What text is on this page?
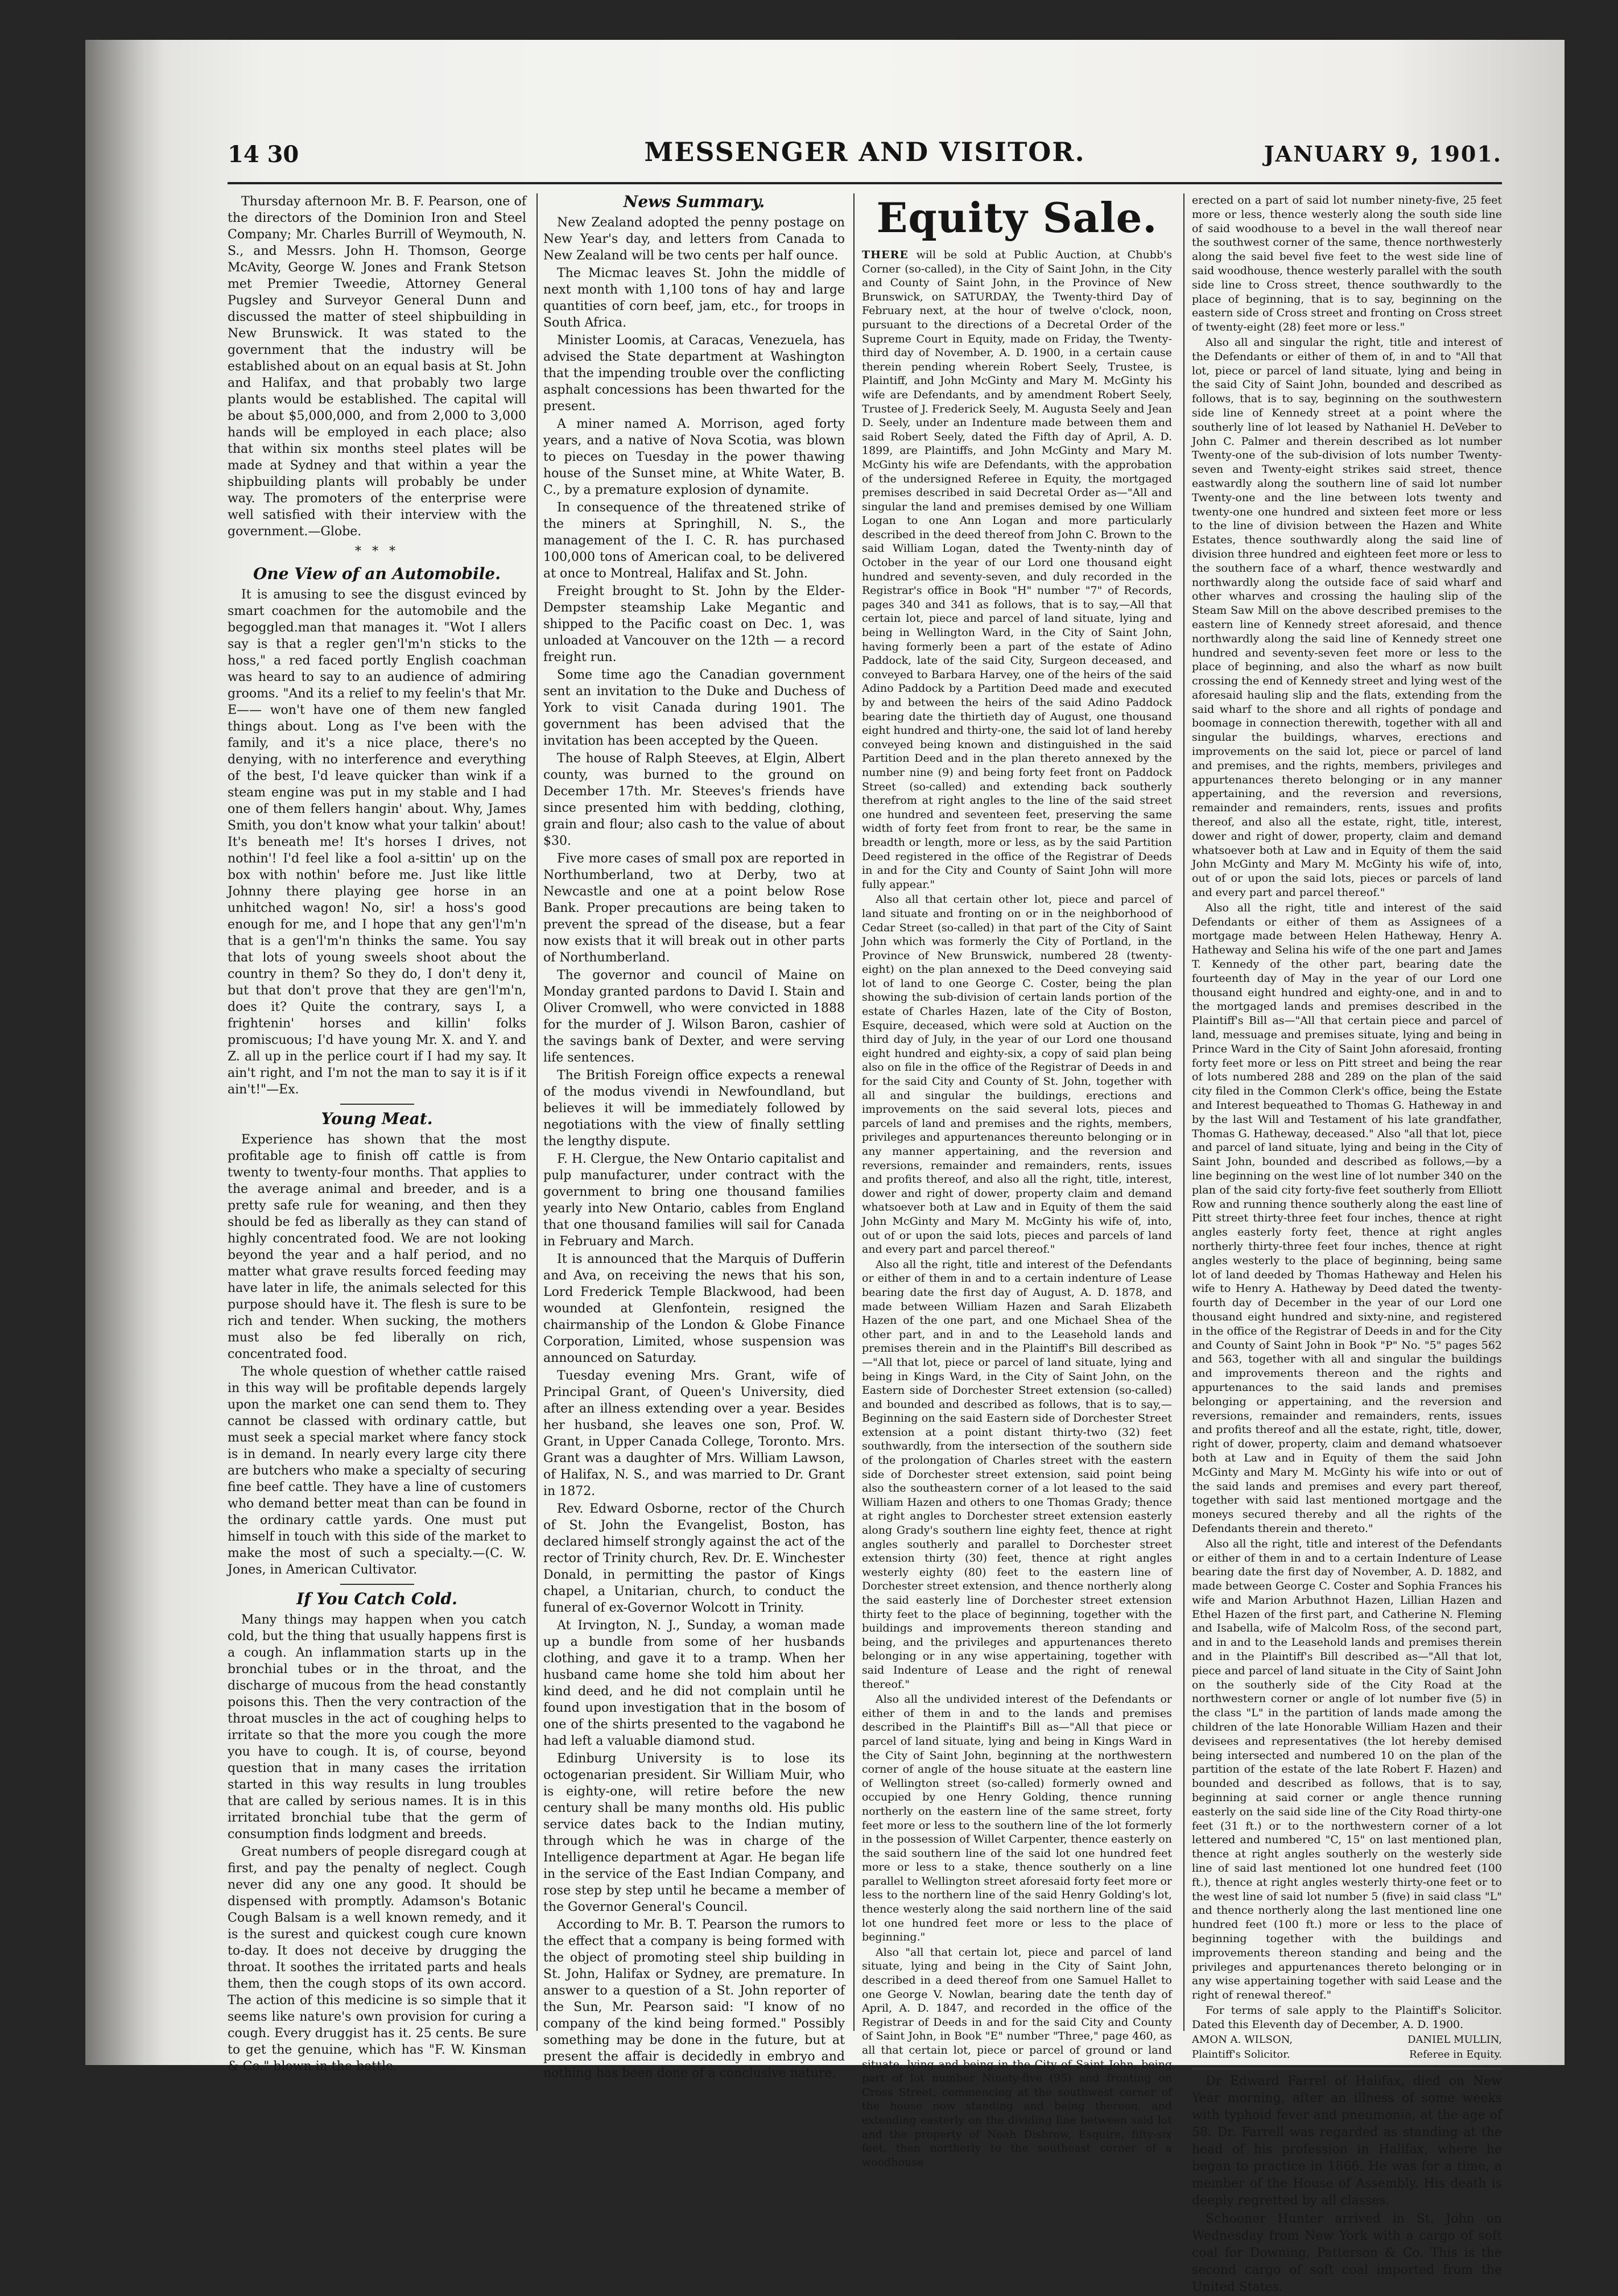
14 30	MESSENGER AND VISITOR.	JANUARY 9, 1901.

Thursday afternoon Mr. B. F. Pearson, one of the directors of the Dominion Iron and Steel Company; Mr. Charles Burrill of Weymouth, N. S., and Messrs. John H. Thomson, George McAvity, George W. Jones and Frank Stetson met Premier Tweedie, Attorney General Pugsley and Surveyor General Dunn and discussed the matter of steel shipbuilding in New Brunswick. It was stated to the government that the industry will be established about on an equal basis at St. John and Halifax, and that probably two large plants would be established. The capital will be about $5,000,000, and from 2,000 to 3,000 hands will be employed in each place; also that within six months steel plates will be made at Sydney and that within a year the shipbuilding plants will probably be under way. The promoters of the enterprise were well satisfied with their interview with the government.—Globe.

* * *
One View of an Automobile.

It is amusing to see the disgust evinced by smart coachmen for the automobile and the begoggled.man that manages it. "Wot I allers say is that a regler gen'l'm'n sticks to the hoss," a red faced portly English coachman was heard to say to an audience of admiring grooms. "And its a relief to my feelin's that Mr. E—— won't have one of them new fangled things about. Long as I've been with the family, and it's a nice place, there's no denying, with no interference and everything of the best, I'd leave quicker than wink if a steam engine was put in my stable and I had one of them fellers hangin' about. Why, James Smith, you don't know what your talkin' about! It's beneath me! It's horses I drives, not nothin'! I'd feel like a fool a-sittin' up on the box with nothin' before me. Just like little Johnny there playing gee horse in an unhitched wagon! No, sir! a hoss's good enough for me, and I hope that any gen'l'm'n that is a gen'l'm'n thinks the same. You say that lots of young sweels shoot about the country in them? So they do, I don't deny it, but that don't prove that they are gen'l'm'n, does it? Quite the contrary, says I, a frightenin' horses and killin' folks promiscuous; I'd have young Mr. X. and Y. and Z. all up in the perlice court if I had my say. It ain't right, and I'm not the man to say it is if it ain't!"—Ex.

Young Meat.

Experience has shown that the most profitable age to finish off cattle is from twenty to twenty-four months. That applies to the average animal and breeder, and is a pretty safe rule for weaning, and then they should be fed as liberally as they can stand of highly concentrated food. We are not looking beyond the year and a half period, and no matter what grave results forced feeding may have later in life, the animals selected for this purpose should have it. The flesh is sure to be rich and tender. When sucking, the mothers must also be fed liberally on rich, concentrated food.

The whole question of whether cattle raised in this way will be profitable depends largely upon the market one can send them to. They cannot be classed with ordinary cattle, but must seek a special market where fancy stock is in demand. In nearly every large city there are butchers who make a specialty of securing fine beef cattle. They have a line of customers who demand better meat than can be found in the ordinary cattle yards. One must put himself in touch with this side of the market to make the most of such a specialty.—(C. W. Jones, in American Cultivator.

If You Catch Cold.

Many things may happen when you catch cold, but the thing that usually happens first is a cough. An inflammation starts up in the bronchial tubes or in the throat, and the discharge of mucous from the head constantly poisons this. Then the very contraction of the throat muscles in the act of coughing helps to irritate so that the more you cough the more you have to cough. It is, of course, beyond question that in many cases the irritation started in this way results in lung troubles that are called by serious names. It is in this irritated bronchial tube that the germ of consumption finds lodgment and breeds.

Great numbers of people disregard cough at first, and pay the penalty of neglect. Cough never did any one any good. It should be dispensed with promptly. Adamson's Botanic Cough Balsam is a well known remedy, and it is the surest and quickest cough cure known to-day. It does not deceive by drugging the throat. It soothes the irritated parts and heals them, then the cough stops of its own accord. The action of this medicine is so simple that it seems like nature's own provision for curing a cough. Every druggist has it. 25 cents. Be sure to get the genuine, which has "F. W. Kinsman & Co." blown in the bottle.

News Summary.

New Zealand adopted the penny postage on New Year's day, and letters from Canada to New Zealand will be two cents per half ounce.

The Micmac leaves St. John the middle of next month with 1,100 tons of hay and large quantities of corn beef, jam, etc., for troops in South Africa.

Minister Loomis, at Caracas, Venezuela, has advised the State department at Washington that the impending trouble over the conflicting asphalt concessions has been thwarted for the present.

A miner named A. Morrison, aged forty years, and a native of Nova Scotia, was blown to pieces on Tuesday in the power thawing house of the Sunset mine, at White Water, B. C., by a premature explosion of dynamite.

In consequence of the threatened strike of the miners at Springhill, N. S., the management of the I. C. R. has purchased 100,000 tons of American coal, to be delivered at once to Montreal, Halifax and St. John.

Freight brought to St. John by the Elder-Dempster steamship Lake Megantic and shipped to the Pacific coast on Dec. 1, was unloaded at Vancouver on the 12th — a record freight run.

Some time ago the Canadian government sent an invitation to the Duke and Duchess of York to visit Canada during 1901. The government has been advised that the invitation has been accepted by the Queen.

The house of Ralph Steeves, at Elgin, Albert county, was burned to the ground on December 17th. Mr. Steeves's friends have since presented him with bedding, clothing, grain and flour; also cash to the value of about $30.

Five more cases of small pox are reported in Northumberland, two at Derby, two at Newcastle and one at a point below Rose Bank. Proper precautions are being taken to prevent the spread of the disease, but a fear now exists that it will break out in other parts of Northumberland.

The governor and council of Maine on Monday granted pardons to David I. Stain and Oliver Cromwell, who were convicted in 1888 for the murder of J. Wilson Baron, cashier of the savings bank of Dexter, and were serving life sentences.

The British Foreign office expects a renewal of the modus vivendi in Newfoundland, but believes it will be immediately followed by negotiations with the view of finally settling the lengthy dispute.

F. H. Clergue, the New Ontario capitalist and pulp manufacturer, under contract with the government to bring one thousand families yearly into New Ontario, cables from England that one thousand families will sail for Canada in February and March.

It is announced that the Marquis of Dufferin and Ava, on receiving the news that his son, Lord Frederick Temple Blackwood, had been wounded at Glenfontein, resigned the chairmanship of the London & Globe Finance Corporation, Limited, whose suspension was announced on Saturday.

Tuesday evening Mrs. Grant, wife of Principal Grant, of Queen's University, died after an illness extending over a year. Besides her husband, she leaves one son, Prof. W. Grant, in Upper Canada College, Toronto. Mrs. Grant was a daughter of Mrs. William Lawson, of Halifax, N. S., and was married to Dr. Grant in 1872.

Rev. Edward Osborne, rector of the Church of St. John the Evangelist, Boston, has declared himself strongly against the act of the rector of Trinity church, Rev. Dr. E. Winchester Donald, in permitting the pastor of Kings chapel, a Unitarian, church, to conduct the funeral of ex-Governor Wolcott in Trinity.

At Irvington, N. J., Sunday, a woman made up a bundle from some of her husbands clothing, and gave it to a tramp. When her husband came home she told him about her kind deed, and he did not complain until he found upon investigation that in the bosom of one of the shirts presented to the vagabond he had left a valuable diamond stud.

Edinburg University is to lose its octogenarian president. Sir William Muir, who is eighty-one, will retire before the new century shall be many months old. His public service dates back to the Indian mutiny, through which he was in charge of the Intelligence department at Agar. He began life in the service of the East Indian Company, and rose step by step until he became a member of the Governor General's Council.

According to Mr. B. T. Pearson the rumors to the effect that a company is being formed with the object of promoting steel ship building in St. John, Halifax or Sydney, are premature. In answer to a question of a St. John reporter of the Sun, Mr. Pearson said: "I know of no company of the kind being formed." Possibly something may be done in the future, but at present the affair is decidedly in embryo and nothing has been done of a conclusive nature.

Equity Sale.

THERE will be sold at Public Auction, at Chubb's Corner (so-called), in the City of Saint John, in the City and County of Saint John, in the Province of New Brunswick, on SATURDAY, the Twenty-third Day of February next, at the hour of twelve o'clock, noon, pursuant to the directions of a Decretal Order of the Supreme Court in Equity, made on Friday, the Twenty-third day of November, A. D. 1900, in a certain cause therein pending wherein Robert Seely, Trustee, is Plaintiff, and John McGinty and Mary M. McGinty his wife are Defendants, and by amendment Robert Seely, Trustee of J. Frederick Seely, M. Augusta Seely and Jean D. Seely, under an Indenture made between them and said Robert Seely, dated the Fifth day of April, A. D. 1899, are Plaintiffs, and John McGinty and Mary M. McGinty his wife are Defendants, with the approbation of the undersigned Referee in Equity, the mortgaged premises described in said Decretal Order as—"All and singular the land and premises demised by one William Logan to one Ann Logan and more particularly described in the deed thereof from John C. Brown to the said William Logan, dated the Twenty-ninth day of October in the year of our Lord one thousand eight hundred and seventy-seven, and duly recorded in the Registrar's office in Book "H" number "7" of Records, pages 340 and 341 as follows, that is to say,—All that certain lot, piece and parcel of land situate, lying and being in Wellington Ward, in the City of Saint John, having formerly been a part of the estate of Adino Paddock, late of the said City, Surgeon deceased, and conveyed to Barbara Harvey, one of the heirs of the said Adino Paddock by a Partition Deed made and executed by and between the heirs of the said Adino Paddock bearing date the thirtieth day of August, one thousand eight hundred and thirty-one, the said lot of land hereby conveyed being known and distinguished in the said Partition Deed and in the plan thereto annexed by the number nine (9) and being forty feet front on Paddock Street (so-called) and extending back southerly therefrom at right angles to the line of the said street one hundred and seventeen feet, preserving the same width of forty feet from front to rear, be the same in breadth or length, more or less, as by the said Partition Deed registered in the office of the Registrar of Deeds in and for the City and County of Saint John will more fully appear."

Also all that certain other lot, piece and parcel of land situate and fronting on or in the neighborhood of Cedar Street (so-called) in that part of the City of Saint John which was formerly the City of Portland, in the Province of New Brunswick, numbered 28 (twenty-eight) on the plan annexed to the Deed conveying said lot of land to one George C. Coster, being the plan showing the sub-division of certain lands portion of the estate of Charles Hazen, late of the City of Boston, Esquire, deceased, which were sold at Auction on the third day of July, in the year of our Lord one thousand eight hundred and eighty-six, a copy of said plan being also on file in the office of the Registrar of Deeds in and for the said City and County of St. John, together with all and singular the buildings, erections and improvements on the said several lots, pieces and parcels of land and premises and the rights, members, privileges and appurtenances thereunto belonging or in any manner appertaining, and the reversion and reversions, remainder and remainders, rents, issues and profits thereof, and also all the right, title, interest, dower and right of dower, property claim and demand whatsoever both at Law and in Equity of them the said John McGinty and Mary M. McGinty his wife of, into, out of or upon the said lots, pieces and parcels of land and every part and parcel thereof."

Also all the right, title and interest of the Defendants or either of them in and to a certain indenture of Lease bearing date the first day of August, A. D. 1878, and made between William Hazen and Sarah Elizabeth Hazen of the one part, and one Michael Shea of the other part, and in and to the Leasehold lands and premises therein and in the Plaintiff's Bill described as—"All that lot, piece or parcel of land situate, lying and being in Kings Ward, in the City of Saint John, on the Eastern side of Dorchester Street extension (so-called) and bounded and described as follows, that is to say,—Beginning on the said Eastern side of Dorchester Street extension at a point distant thirty-two (32) feet southwardly, from the intersection of the southern side of the prolongation of Charles street with the eastern side of Dorchester street extension, said point being also the southeastern corner of a lot leased to the said William Hazen and others to one Thomas Grady; thence at right angles to Dorchester street extension easterly along Grady's southern line eighty feet, thence at right angles southerly and parallel to Dorchester street extension thirty (30) feet, thence at right angles westerly eighty (80) feet to the eastern line of Dorchester street extension, and thence northerly along the said easterly line of Dorchester street extension thirty feet to the place of beginning, together with the buildings and improvements thereon standing and being, and the privileges and appurtenances thereto belonging or in any wise appertaining, together with said Indenture of Lease and the right of renewal thereof."

Also all the undivided interest of the Defendants or either of them in and to the lands and premises described in the Plaintiff's Bill as—"All that piece or parcel of land situate, lying and being in Kings Ward in the City of Saint John, beginning at the northwestern corner of angle of the house situate at the eastern line of Wellington street (so-called) formerly owned and occupied by one Henry Golding, thence running northerly on the eastern line of the same street, forty feet more or less to the southern line of the lot formerly in the possession of Willet Carpenter, thence easterly on the said southern line of the said lot one hundred feet more or less to a stake, thence southerly on a line parallel to Wellington street aforesaid forty feet more or less to the northern line of the said Henry Golding's lot, thence westerly along the said northern line of the said lot one hundred feet more or less to the place of beginning."

Also "all that certain lot, piece and parcel of land situate, lying and being in the City of Saint John, described in a deed thereof from one Samuel Hallet to one George V. Nowlan, bearing date the tenth day of April, A. D. 1847, and recorded in the office of the Registrar of Deeds in and for the said City and County of Saint John, in Book "E" number "Three," page 460, as all that certain lot, piece or parcel of ground or land situate, lying and being in the City of Saint John, being part of lot number Ninety-five (95) and fronting on Cross Street, commencing at the southwest corner of the house now standing and being thereon, and extending easterly on the dividing line between said lot and the property of Noah Disbrow, Esquire, fifty-six feet, then northerly to the southeast corner of a woodhouse

erected on a part of said lot number ninety-five, 25 feet more or less, thence westerly along the south side line of said woodhouse to a bevel in the wall thereof near the southwest corner of the same, thence northwesterly along the said bevel five feet to the west side line of said woodhouse, thence westerly parallel with the south side line to Cross street, thence southwardly to the place of beginning, that is to say, beginning on the eastern side of Cross street and fronting on Cross street of twenty-eight (28) feet more or less."

Also all and singular the right, title and interest of the Defendants or either of them of, in and to "All that lot, piece or parcel of land situate, lying and being in the said City of Saint John, bounded and described as follows, that is to say, beginning on the southwestern side line of Kennedy street at a point where the southerly line of lot leased by Nathaniel H. DeVeber to John C. Palmer and therein described as lot number Twenty-one of the sub-division of lots number Twenty-seven and Twenty-eight strikes said street, thence eastwardly along the southern line of said lot number Twenty-one and the line between lots twenty and twenty-one one hundred and sixteen feet more or less to the line of division between the Hazen and White Estates, thence southwardly along the said line of division three hundred and eighteen feet more or less to the southern face of a wharf, thence westwardly and northwardly along the outside face of said wharf and other wharves and crossing the hauling slip of the Steam Saw Mill on the above described premises to the eastern line of Kennedy street aforesaid, and thence northwardly along the said line of Kennedy street one hundred and seventy-seven feet more or less to the place of beginning, and also the wharf as now built crossing the end of Kennedy street and lying west of the aforesaid hauling slip and the flats, extending from the said wharf to the shore and all rights of pondage and boomage in connection therewith, together with all and singular the buildings, wharves, erections and improvements on the said lot, piece or parcel of land and premises, and the rights, members, privileges and appurtenances thereto belonging or in any manner appertaining, and the reversion and reversions, remainder and remainders, rents, issues and profits thereof, and also all the estate, right, title, interest, dower and right of dower, property, claim and demand whatsoever both at Law and in Equity of them the said John McGinty and Mary M. McGinty his wife of, into, out of or upon the said lots, pieces or parcels of land and every part and parcel thereof."

Also all the right, title and interest of the said Defendants or either of them as Assignees of a mortgage made between Helen Hatheway, Henry A. Hatheway and Selina his wife of the one part and James T. Kennedy of the other part, bearing date the fourteenth day of May in the year of our Lord one thousand eight hundred and eighty-one, and in and to the mortgaged lands and premises described in the Plaintiff's Bill as—"All that certain piece and parcel of land, messuage and premises situate, lying and being in Prince Ward in the City of Saint John aforesaid, fronting forty feet more or less on Pitt street and being the rear of lots numbered 288 and 289 on the plan of the said city filed in the Common Clerk's office, being the Estate and Interest bequeathed to Thomas G. Hatheway in and by the last Will and Testament of his late grandfather, Thomas G. Hatheway, deceased." Also "all that lot, piece and parcel of land situate, lying and being in the City of Saint John, bounded and described as follows,—by a line beginning on the west line of lot number 340 on the plan of the said city forty-five feet southerly from Elliott Row and running thence southerly along the east line of Pitt street thirty-three feet four inches, thence at right angles easterly forty feet, thence at right angles northerly thirty-three feet four inches, thence at right angles westerly to the place of beginning, being same lot of land deeded by Thomas Hatheway and Helen his wife to Henry A. Hatheway by Deed dated the twenty-fourth day of December in the year of our Lord one thousand eight hundred and sixty-nine, and registered in the office of the Registrar of Deeds in and for the City and County of Saint John in Book "P" No. "5" pages 562 and 563, together with all and singular the buildings and improvements thereon and the rights and appurtenances to the said lands and premises belonging or appertaining, and the reversion and reversions, remainder and remainders, rents, issues and profits thereof and all the estate, right, title, dower, right of dower, property, claim and demand whatsoever both at Law and in Equity of them the said John McGinty and Mary M. McGinty his wife into or out of the said lands and premises and every part thereof, together with said last mentioned mortgage and the moneys secured thereby and all the rights of the Defendants therein and thereto."

Also all the right, title and interest of the Defendants or either of them in and to a certain Indenture of Lease bearing date the first day of November, A. D. 1882, and made between George C. Coster and Sophia Frances his wife and Marion Arbuthnot Hazen, Lillian Hazen and Ethel Hazen of the first part, and Catherine N. Fleming and Isabella, wife of Malcolm Ross, of the second part, and in and to the Leasehold lands and premises therein and in the Plaintiff's Bill described as—"All that lot, piece and parcel of land situate in the City of Saint John on the southerly side of the City Road at the northwestern corner or angle of lot number five (5) in the class "L" in the partition of lands made among the children of the late Honorable William Hazen and their devisees and representatives (the lot hereby demised being intersected and numbered 10 on the plan of the partition of the estate of the late Robert F. Hazen) and bounded and described as follows, that is to say, beginning at said corner or angle thence running easterly on the said side line of the City Road thirty-one feet (31 ft.) or to the northwestern corner of a lot lettered and numbered "C, 15" on last mentioned plan, thence at right angles southerly on the westerly side line of said last mentioned lot one hundred feet (100 ft.), thence at right angles westerly thirty-one feet or to the west line of said lot number 5 (five) in said class "L" and thence northerly along the last mentioned line one hundred feet (100 ft.) more or less to the place of beginning together with the buildings and improvements thereon standing and being and the privileges and appurtenances thereto belonging or in any wise appertaining together with said Lease and the right of renewal thereof."

For terms of sale apply to the Plaintiff's Solicitor. Dated this Eleventh day of December, A. D. 1900.

AMON A. WILSON,	DANIEL MULLIN,
Plaintiff's Solicitor.	Referee in Equity.

Dr Edward Farrel of Halifax, died on New Year morning, after an illness of some weeks with typhoid fever and pneumonia, at the age of 58. Dr. Farrell was regarded as standing at the head of his profession in Halifax, where he began to practice in 1866. He was for a time, a member of the House of Assembly. His death is deeply regretted by all classes.

Schooner Hunter arrived in St. John on Wednesday from New York with a cargo of soft coal for Downing, Patterson & Co. This is the second cargo of soft coal imported from the United States.
